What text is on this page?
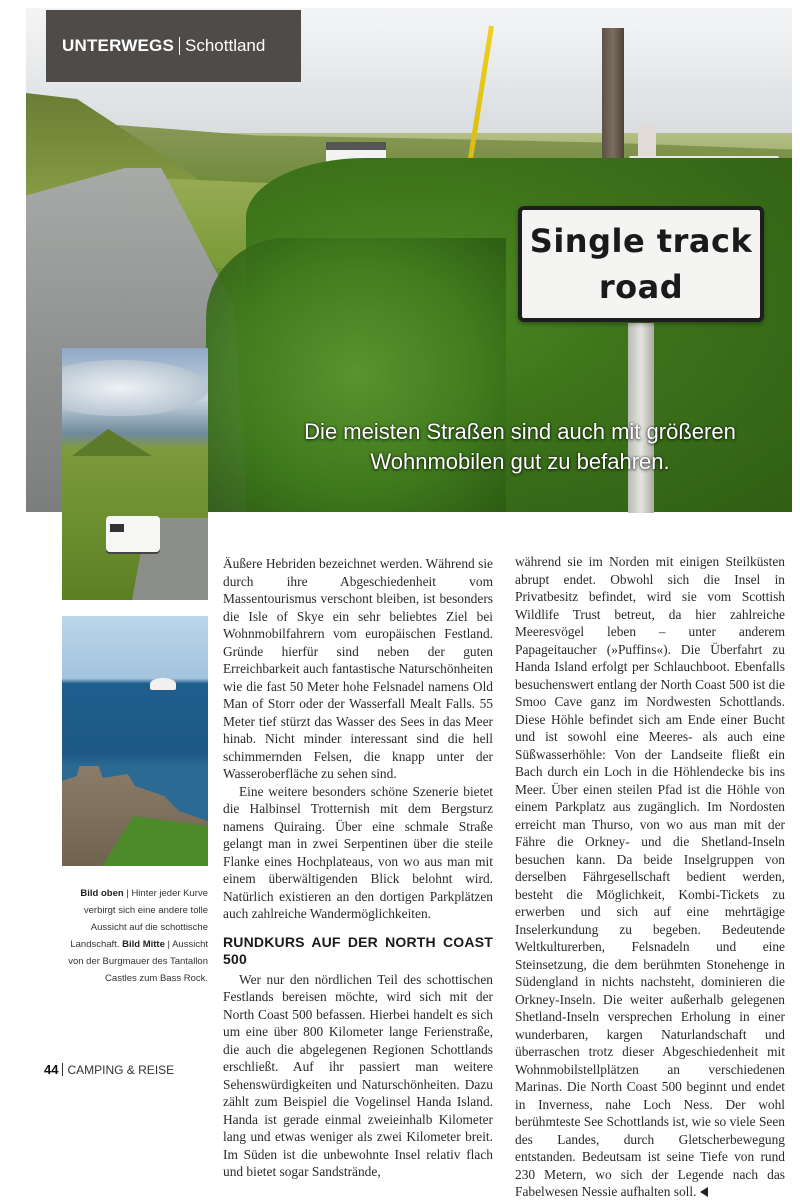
Single track
road
UNTERWEGS Schottland
Die meisten Straßen sind auch mit größeren
Wohnmobilen gut zu befahren.
Bild oben | Hinter jeder Kurve verbirgt sich eine andere tolle Aussicht auf die schottische Landschaft. Bild Mitte | Aussicht von der Burgmauer des Tantallon Castles zum Bass Rock.

Äußere Hebriden bezeichnet werden. Während sie durch ihre Abgeschiedenheit vom Massentourismus verschont bleiben, ist besonders die Isle of Skye ein sehr beliebtes Ziel bei Wohnmobilfahrern vom europäischen Festland. Gründe hierfür sind neben der guten Erreichbarkeit auch fantastische Naturschönheiten wie die fast 50 Meter hohe Felsnadel namens Old Man of Storr oder der Wasserfall Mealt Falls. 55 Meter tief stürzt das Wasser des Sees in das Meer hinab. Nicht minder interessant sind die hell schimmernden Felsen, die knapp unter der Wasseroberfläche zu sehen sind.

Eine weitere besonders schöne Szenerie bietet die Halbinsel Trotternish mit dem Bergsturz namens Quiraing. Über eine schmale Straße gelangt man in zwei Serpentinen über die steile Flanke eines Hochplateaus, von wo aus man mit einem überwältigenden Blick belohnt wird. Natürlich existieren an den dortigen Parkplätzen auch zahlreiche Wandermöglichkeiten.

RUNDKURS AUF DER NORTH COAST 500

Wer nur den nördlichen Teil des schottischen Festlands bereisen möchte, wird sich mit der North Coast 500 befassen. Hierbei handelt es sich um eine über 800 Kilometer lange Ferienstraße, die auch die abgelegenen Regionen Schottlands erschließt. Auf ihr passiert man weitere Sehenswürdigkeiten und Naturschönheiten. Dazu zählt zum Beispiel die Vogelinsel Handa Island. Handa ist gerade einmal zweieinhalb Kilometer lang und etwas weniger als zwei Kilometer breit. Im Süden ist die unbewohnte Insel relativ flach und bietet sogar Sandstrände,

während sie im Norden mit einigen Steilküsten abrupt endet. Obwohl sich die Insel in Privatbesitz befindet, wird sie vom Scottish Wildlife Trust betreut, da hier zahlreiche Meeresvögel leben – unter anderem Papageitaucher (»Puffins«). Die Überfahrt zu Handa Island erfolgt per Schlauchboot. Ebenfalls besuchenswert entlang der North Coast 500 ist die Smoo Cave ganz im Nordwesten Schottlands. Diese Höhle befindet sich am Ende einer Bucht und ist sowohl eine Meeres- als auch eine Süßwasserhöhle: Von der Landseite fließt ein Bach durch ein Loch in die Höhlendecke bis ins Meer. Über einen steilen Pfad ist die Höhle von einem Parkplatz aus zugänglich. Im Nordosten erreicht man Thurso, von wo aus man mit der Fähre die Orkney- und die Shetland-Inseln besuchen kann. Da beide Inselgruppen von derselben Fährgesellschaft bedient werden, besteht die Möglichkeit, Kombi-Tickets zu erwerben und sich auf eine mehrtägige Inselerkundung zu begeben. Bedeutende Weltkulturerben, Felsnadeln und eine Steinsetzung, die dem berühmten Stonehenge in Südengland in nichts nachsteht, dominieren die Orkney-Inseln. Die weiter außerhalb gelegenen Shetland-Inseln versprechen Erholung in einer wunderbaren, kargen Naturlandschaft und überraschen trotz dieser Abgeschiedenheit mit Wohnmobilstellplätzen an verschiedenen Marinas. Die North Coast 500 beginnt und endet in Inverness, nahe Loch Ness. Der wohl berühmteste See Schottlands ist, wie so viele Seen des Landes, durch Gletscherbewegung entstanden. Bedeutsam ist seine Tiefe von rund 230 Metern, wo sich der Legende nach das Fabelwesen Nessie aufhalten soll.

44 CAMPING & REISE
